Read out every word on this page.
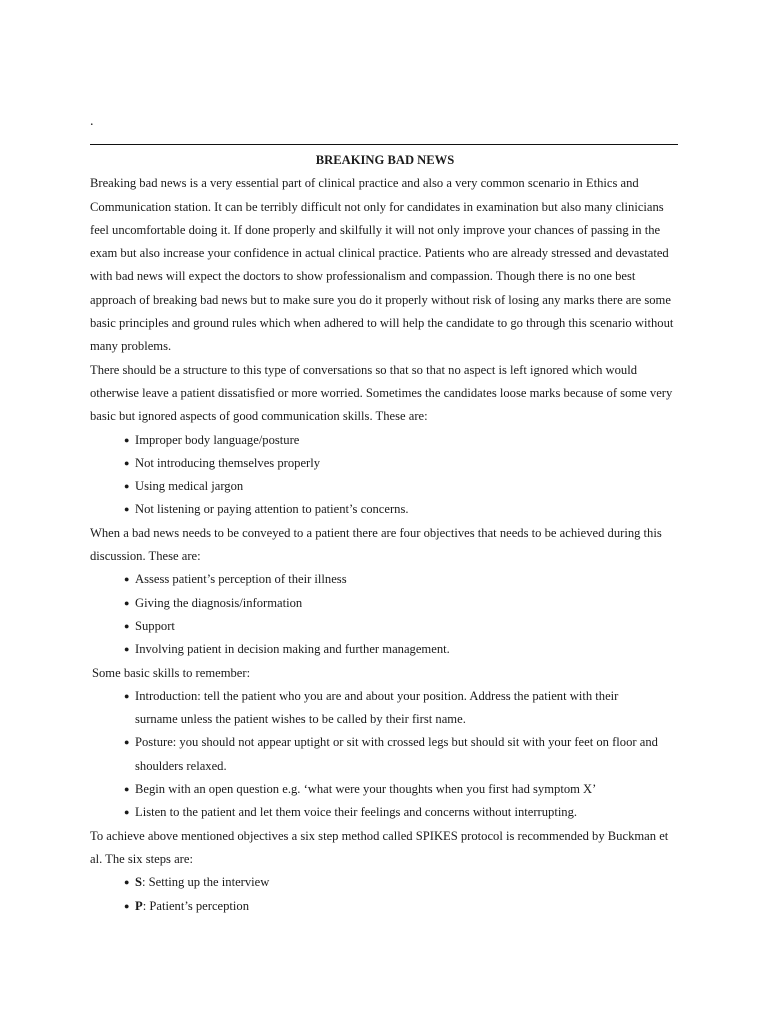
.

BREAKING BAD NEWS

Breaking bad news is a very essential part of clinical practice and also a very common scenario in Ethics and Communication station. It can be terribly difficult not only for candidates in examination but also many clinicians feel uncomfortable doing it. If done properly and skilfully it will not only improve your chances of passing in the exam but also increase your confidence in actual clinical practice. Patients who are already stressed and devastated with bad news will expect the doctors to show professionalism and compassion. Though there is no one best approach of breaking bad news but to make sure you do it properly without risk of losing any marks there are some basic principles and ground rules which when adhered to will help the candidate to go through this scenario without many problems.

There should be a structure to this type of conversations so that so that no aspect is left ignored which would otherwise leave a patient dissatisfied or more worried. Sometimes the candidates loose marks because of some very basic but ignored aspects of good communication skills. These are:

● Improper body language/posture
● Not introducing themselves properly
● Using medical jargon
● Not listening or paying attention to patient’s concerns.

When a bad news needs to be conveyed to a patient there are four objectives that needs to be achieved during this discussion. These are:

● Assess patient’s perception of their illness
● Giving the diagnosis/information
● Support
● Involving patient in decision making and further management.

Some basic skills to remember:

● Introduction: tell the patient who you are and about your position. Address the patient with their surname unless the patient wishes to be called by their first name.
● Posture: you should not appear uptight or sit with crossed legs but should sit with your feet on floor and shoulders relaxed.
● Begin with an open question e.g. ‘what were your thoughts when you first had symptom X’
● Listen to the patient and let them voice their feelings and concerns without interrupting.

To achieve above mentioned objectives a six step method called SPIKES protocol is recommended by Buckman et al. The six steps are:

● S: Setting up the interview
● P: Patient’s perception
